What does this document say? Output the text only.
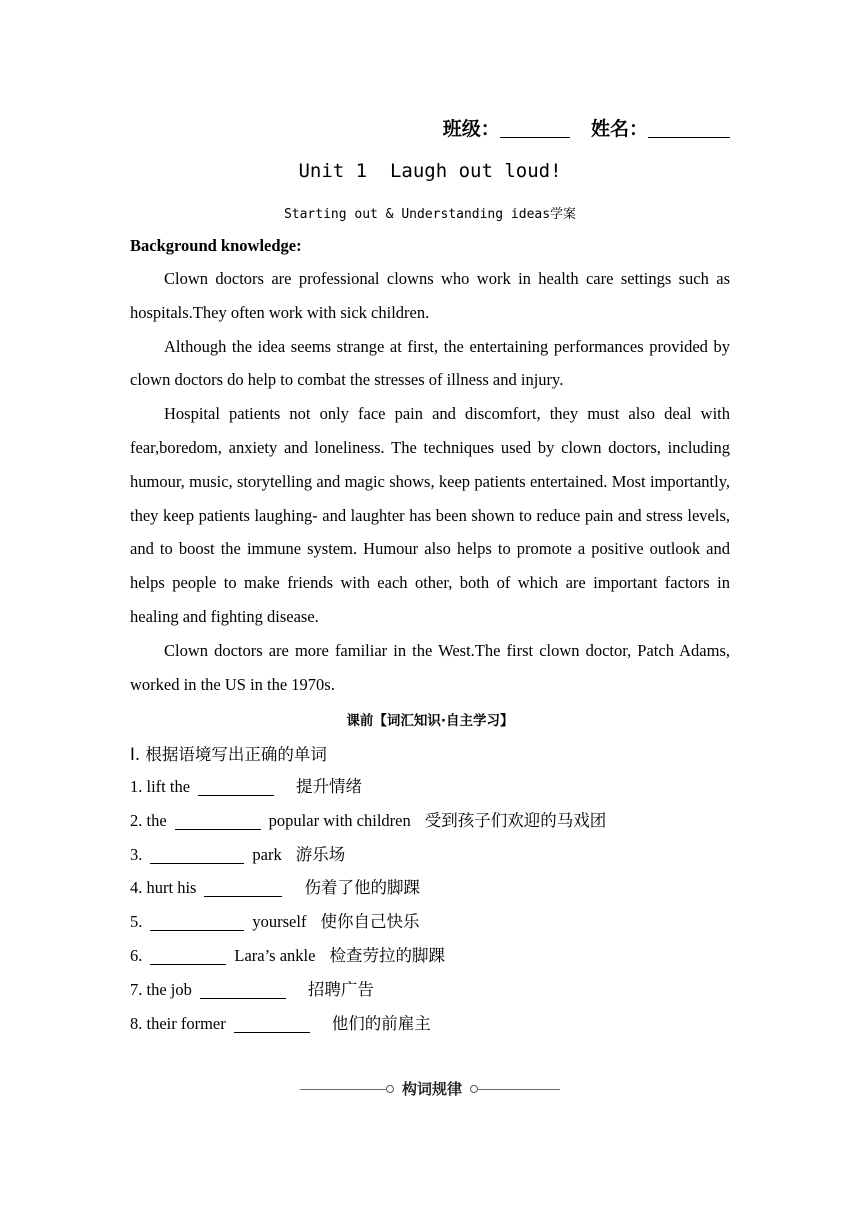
班级：	姓名：
Unit 1  Laugh out loud!
Starting out & Understanding ideas学案
Background knowledge:

Clown doctors are professional clowns who work in health care settings such as hospitals.They often work with sick children.

Although the idea seems strange at first, the entertaining performances provided by clown doctors do help to combat the stresses of illness and injury.

Hospital patients not only face pain and discomfort, they must also deal with fear,boredom, anxiety and loneliness. The techniques used by clown doctors, including humour, music, storytelling and magic shows, keep patients entertained. Most importantly, they keep patients laughing- and laughter has been shown to reduce pain and stress levels, and to boost the immune system. Humour also helps to promote a positive outlook and helps people to make friends with each other, both of which are important factors in healing and fighting disease.

Clown doctors are more familiar in the West.The first clown doctor, Patch Adams, worked in the US in the 1970s.

课前【词汇知识·自主学习】
Ⅰ. 根据语境写出正确的单词
1. lift the	提升情绪
2. the	popular with children 受到孩子们欢迎的马戏团
3.	park 游乐场
4. hurt his	伤着了他的脚踝
5.	yourself 使你自己快乐
6.	Lara’s ankle 检查劳拉的脚踝
7. the job	招聘广告
8. their former	他们的前雇主
构词规律
